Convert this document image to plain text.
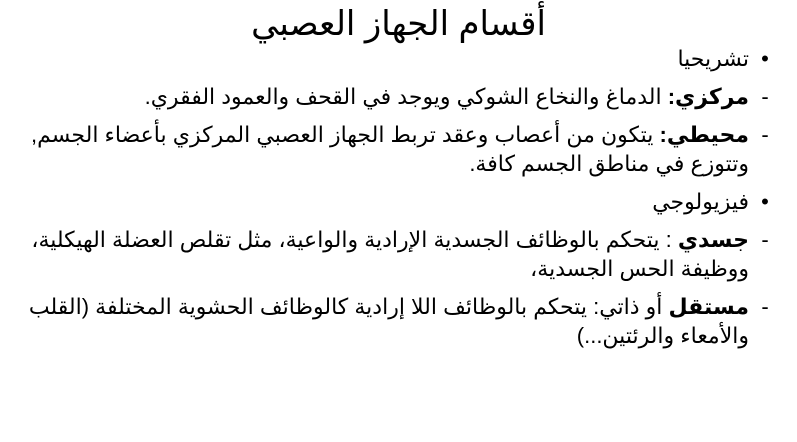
أقسام الجهاز العصبي
•
تشريحيا
-
مركزي: الدماغ والنخاع الشوكي ويوجد في القحف والعمود الفقري.
-
محيطي: يتكون من أعصاب وعقد تربط الجهاز العصبي المركزي بأعضاء الجسم, وتتوزع في مناطق الجسم كافة.
•
فيزيولوجي
-
جسدي : يتحكم بالوظائف الجسدية الإرادية والواعية، مثل تقلص العضلة الهيكلية، ووظيفة الحس الجسدية،
-
مستقل أو ذاتي: يتحكم بالوظائف اللا إرادية كالوظائف الحشوية المختلفة (القلب والأمعاء والرئتين...)
